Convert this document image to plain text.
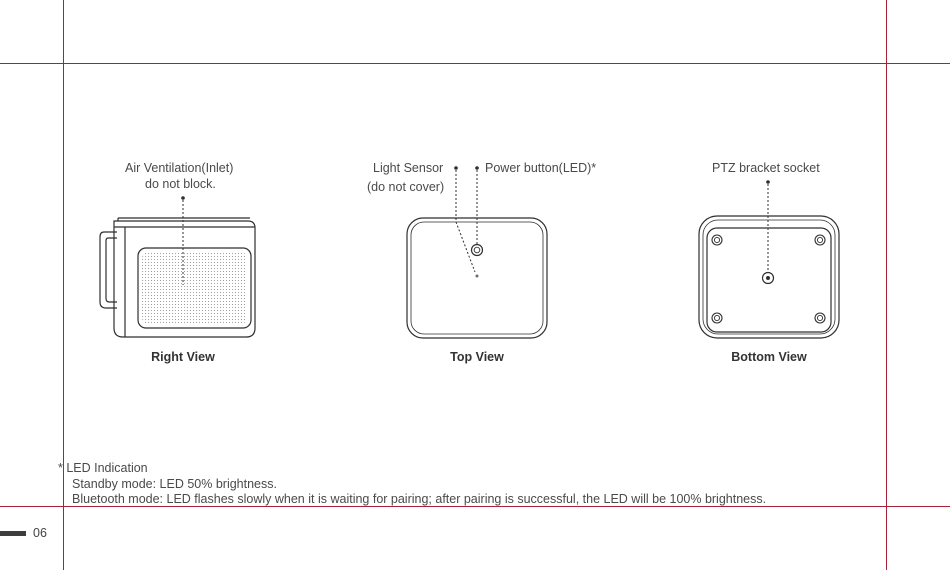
Air Ventilation(Inlet)
do not block.
Right View
Light Sensor
(do not cover)
Power button(LED)*
Top View
PTZ bracket socket
Bottom View
* LED Indication
Standby mode: LED 50% brightness.
Bluetooth mode: LED flashes slowly when it is waiting for pairing; after pairing is successful, the LED will be 100% brightness.
06
